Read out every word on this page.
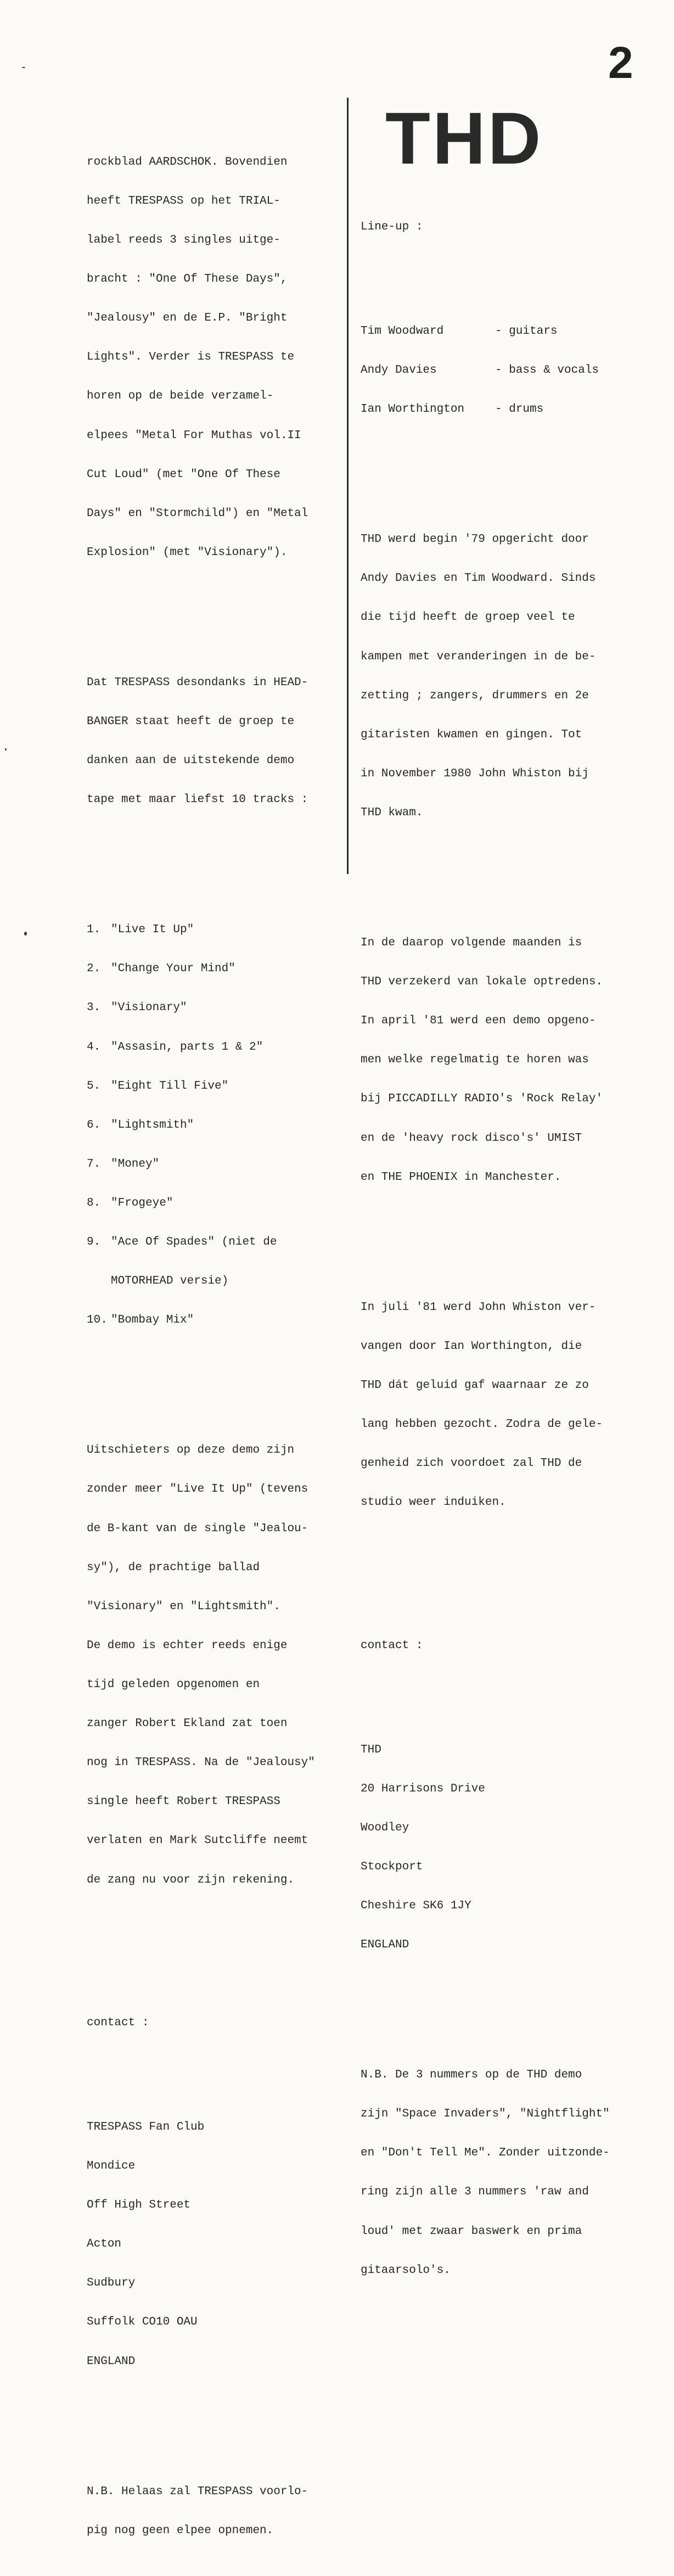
2

rockblad AARDSCHOK. Bovendien

heeft TRESPASS op het TRIAL-

label reeds 3 singles uitge-

bracht : "One Of These Days",

"Jealousy" en de E.P. "Bright

Lights". Verder is TRESPASS te

horen op de beide verzamel-

elpees "Metal For Muthas vol.II

Cut Loud" (met "One Of These

Days" en "Stormchild") en "Metal

Explosion" (met "Visionary").

Dat TRESPASS desondanks in HEAD-

BANGER staat heeft de groep te

danken aan de uitstekende demo

tape met maar liefst 10 tracks :

1. "Live It Up"

2. "Change Your Mind"

3. "Visionary"

4. "Assasin, parts 1 & 2"

5. "Eight Till Five"

6. "Lightsmith"

7. "Money"

8. "Frogeye"

9. "Ace Of Spades" (niet de

MOTORHEAD versie)

10. "Bombay Mix"

Uitschieters op deze demo zijn

zonder meer "Live It Up" (tevens

de B-kant van de single "Jealou-

sy"), de prachtige ballad

"Visionary" en "Lightsmith".

De demo is echter reeds enige

tijd geleden opgenomen en

zanger Robert Ekland zat toen

nog in TRESPASS. Na de "Jealousy"

single heeft Robert TRESPASS

verlaten en Mark Sutcliffe neemt

de zang nu voor zijn rekening.

contact :

TRESPASS Fan Club

Mondice

Off High Street

Acton

Sudbury

Suffolk CO10 OAU

ENGLAND

N.B. Helaas zal TRESPASS voorlo-

pig nog geen elpee opnemen.

THD

Line-up :

Tim Woodward	- guitars

Andy Davies	- bass & vocals

Ian Worthington	- drums

THD werd begin '79 opgericht door

Andy Davies en Tim Woodward. Sinds

die tijd heeft de groep veel te

kampen met veranderingen in de be-

zetting ; zangers, drummers en 2e

gitaristen kwamen en gingen. Tot

in November 1980 John Whiston bij

THD kwam.

In de daarop volgende maanden is

THD verzekerd van lokale optredens.

In april '81 werd een demo opgeno-

men welke regelmatig te horen was

bij PICCADILLY RADIO's 'Rock Relay'

en de 'heavy rock disco's' UMIST

en THE PHOENIX in Manchester.

In juli '81 werd John Whiston ver-

vangen door Ian Worthington, die

THD dát geluid gaf waarnaar ze zo

lang hebben gezocht. Zodra de gele-

genheid zich voordoet zal THD de

studio weer induiken.

contact :

THD

20 Harrisons Drive

Woodley

Stockport

Cheshire SK6 1JY

ENGLAND

N.B. De 3 nummers op de THD demo

zijn "Space Invaders", "Nightflight"

en "Don't Tell Me". Zonder uitzonde-

ring zijn alle 3 nummers 'raw and

loud' met zwaar baswerk en prima

gitaarsolo's.
